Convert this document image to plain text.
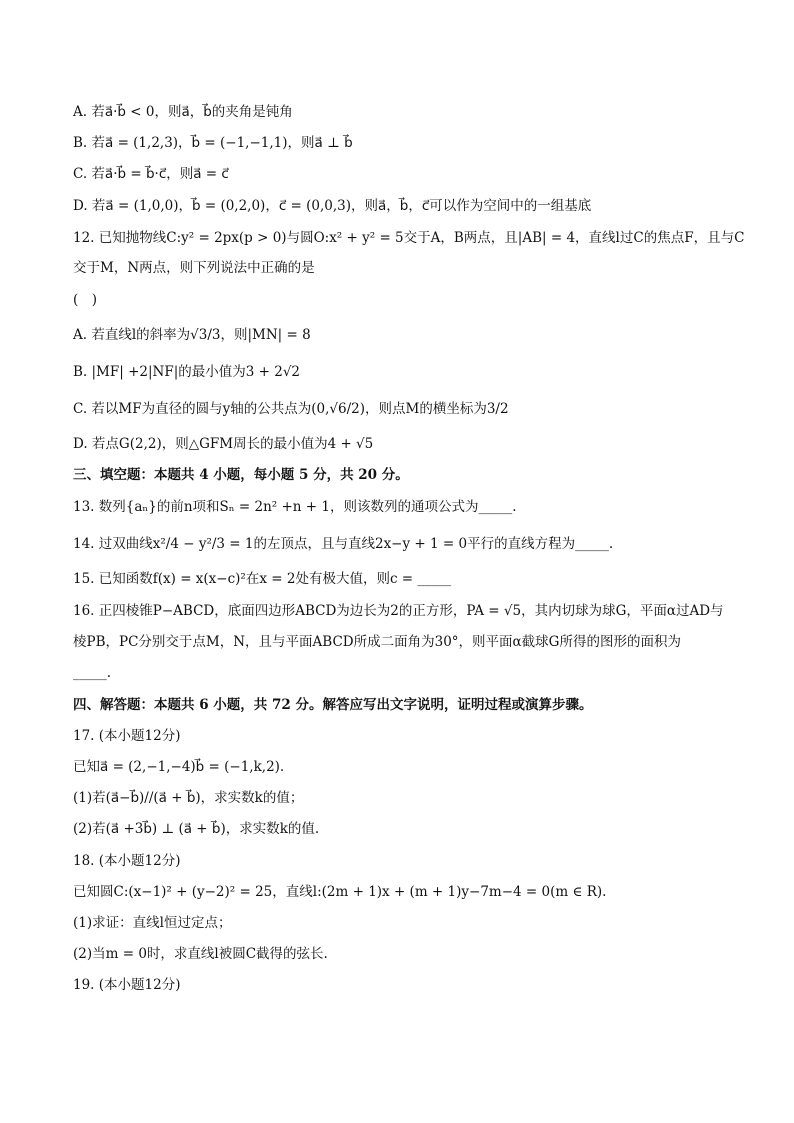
A. 若a⃗·b⃗ < 0，则a⃗，b⃗的夹角是钝角
B. 若a⃗ = (1,2,3)，b⃗ = (−1,−1,1)，则a⃗ ⊥ b⃗
C. 若a⃗·b⃗ = b⃗·c⃗，则a⃗ = c⃗
D. 若a⃗ = (1,0,0)，b⃗ = (0,2,0)，c⃗ = (0,0,3)，则a⃗，b⃗，c⃗可以作为空间中的一组基底
12. 已知抛物线C:y² = 2px(p > 0)与圆O:x² + y² = 5交于A，B两点，且|AB| = 4，直线l过C的焦点F，且与C
交于M，N两点，则下列说法中正确的是
(　)
A. 若直线l的斜率为√3/3，则|MN| = 8
B. |MF| +2|NF|的最小值为3 + 2√2
C. 若以MF为直径的圆与y轴的公共点为(0,√6/2)，则点M的横坐标为3/2
D. 若点G(2,2)，则△GFM周长的最小值为4 + √5
三、填空题：本题共 4 小题，每小题 5 分，共 20 分。
13. 数列{aₙ}的前n项和Sₙ = 2n² +n + 1，则该数列的通项公式为_____.
14. 过双曲线x²/4 − y²/3 = 1的左顶点，且与直线2x−y + 1 = 0平行的直线方程为_____.
15. 已知函数f(x) = x(x−c)²在x = 2处有极大值，则c = _____
16. 正四棱锥P−ABCD，底面四边形ABCD为边长为2的正方形，PA = √5，其内切球为球G，平面α过AD与
棱PB，PC分别交于点M，N，且与平面ABCD所成二面角为30°，则平面α截球G所得的图形的面积为
_____.
四、解答题：本题共 6 小题，共 72 分。解答应写出文字说明，证明过程或演算步骤。
17. (本小题12分)
已知a⃗ = (2,−1,−4)b⃗ = (−1,k,2).
(1)若(a⃗−b⃗)//(a⃗ + b⃗)，求实数k的值；
(2)若(a⃗ +3b⃗) ⊥ (a⃗ + b⃗)，求实数k的值.
18. (本小题12分)
已知圆C:(x−1)² + (y−2)² = 25，直线l:(2m + 1)x + (m + 1)y−7m−4 = 0(m ∈ R).
(1)求证：直线l恒过定点；
(2)当m = 0时，求直线l被圆C截得的弦长.
19. (本小题12分)
